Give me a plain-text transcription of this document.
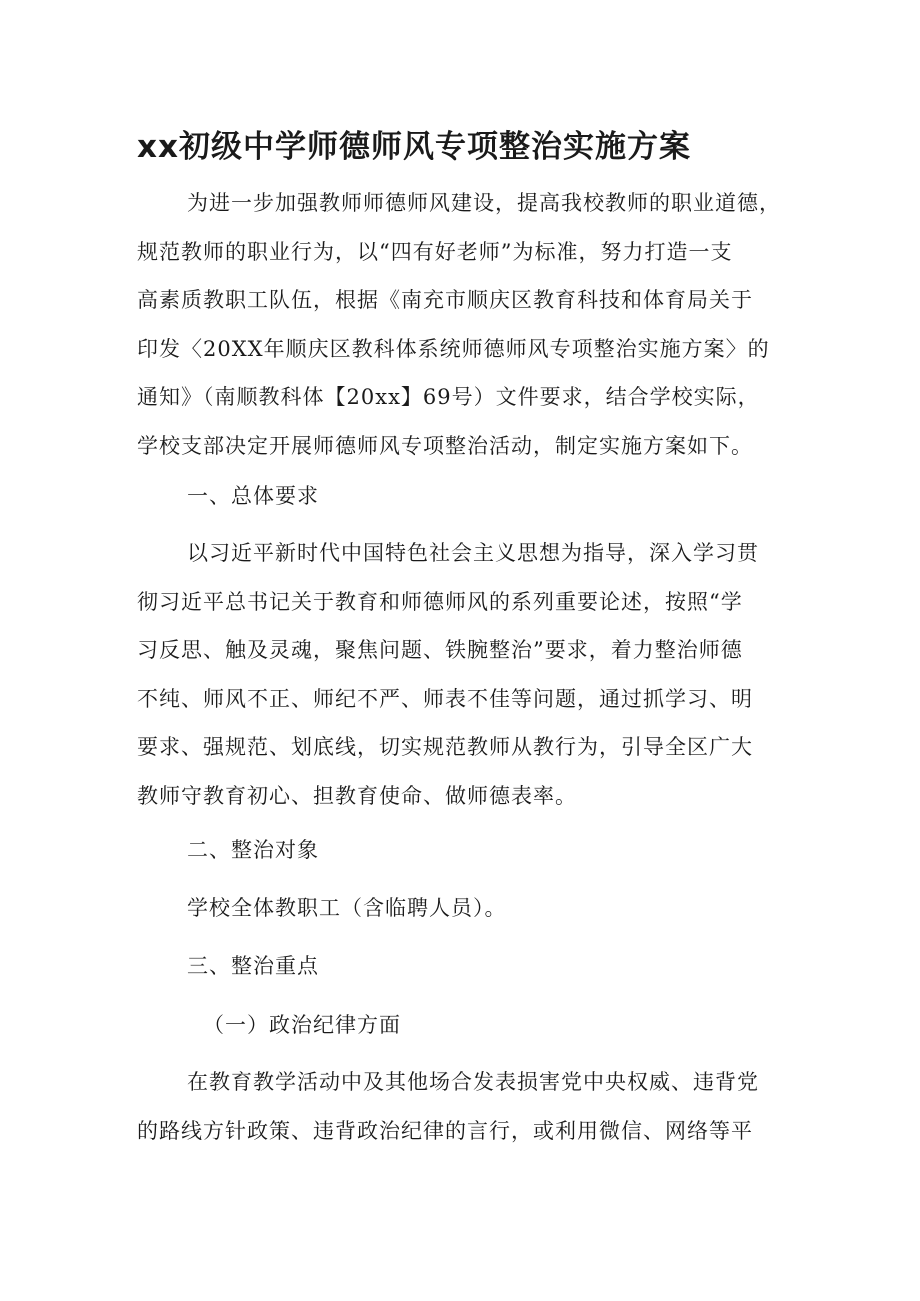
xx初级中学师德师风专项整治实施方案
为进一步加强教师师德师风建设，提高我校教师的职业道德，
规范教师的职业行为，以“四有好老师”为标准，努力打造一支
高素质教职工队伍，根据《南充市顺庆区教育科技和体育局关于
印发〈20XX年顺庆区教科体系统师德师风专项整治实施方案〉的
通知》（南顺教科体【20xx】69号）文件要求，结合学校实际，
学校支部决定开展师德师风专项整治活动，制定实施方案如下。
一、总体要求
以习近平新时代中国特色社会主义思想为指导，深入学习贯
彻习近平总书记关于教育和师德师风的系列重要论述，按照“学
习反思、触及灵魂，聚焦问题、铁腕整治”要求，着力整治师德
不纯、师风不正、师纪不严、师表不佳等问题，通过抓学习、明
要求、强规范、划底线，切实规范教师从教行为，引导全区广大
教师守教育初心、担教育使命、做师德表率。
二、整治对象
学校全体教职工（含临聘人员）。
三、整治重点
（一）政治纪律方面
在教育教学活动中及其他场合发表损害党中央权威、违背党
的路线方针政策、违背政治纪律的言行，或利用微信、网络等平
